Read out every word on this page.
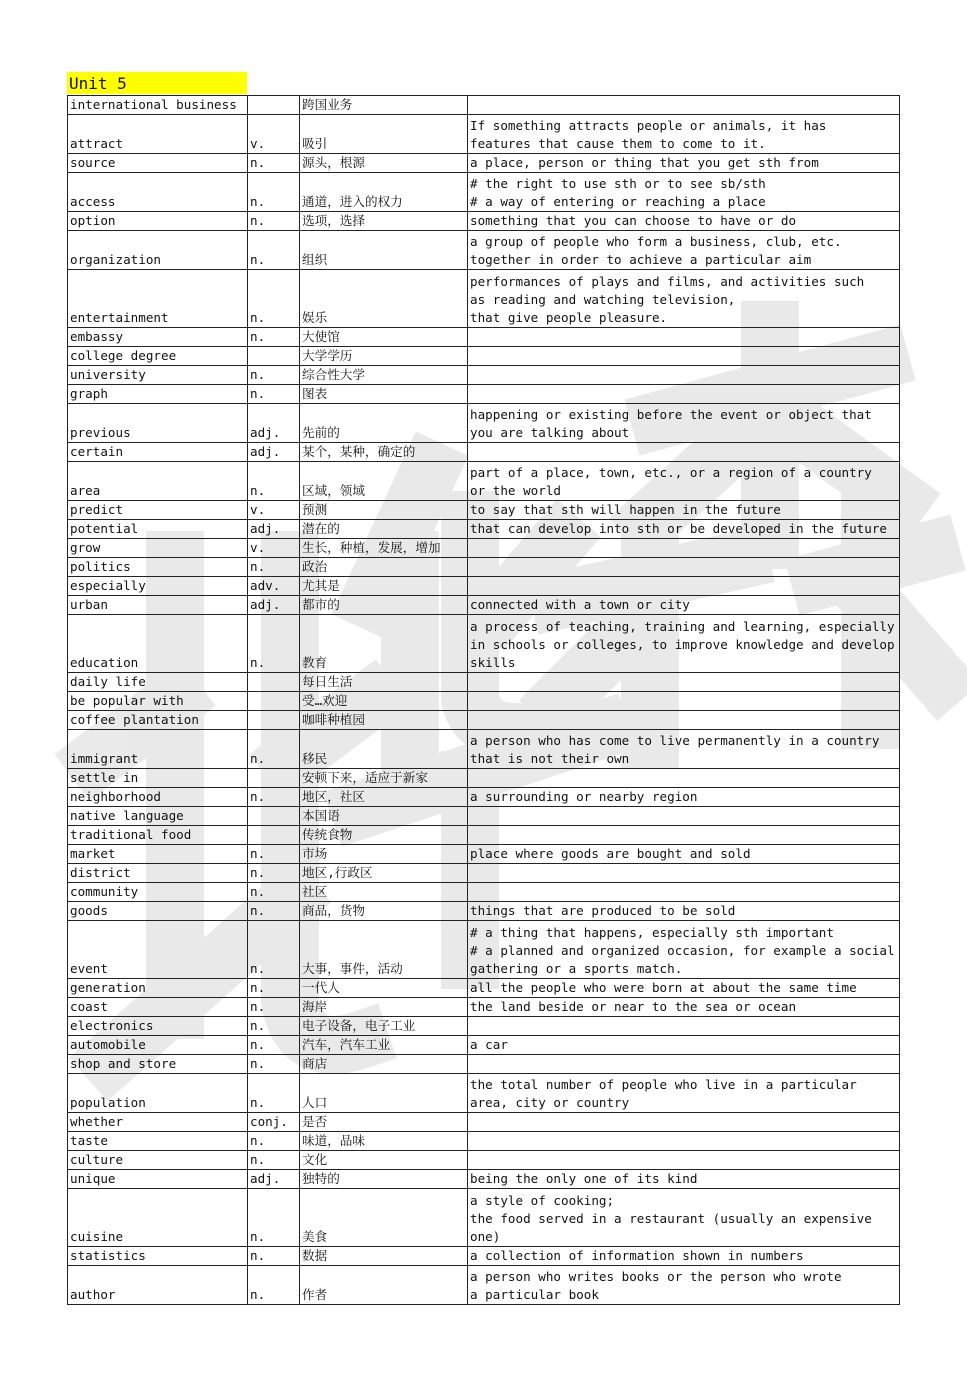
Unit 5
international business		跨国业务	
attract	v.	吸引	If something attracts people or animals, it has
features that cause them to come to it.
source	n.	源头，根源	a place, person or thing that you get sth from
access	n.	通道，进入的权力	# the right to use sth or to see sb/sth
# a way of entering or reaching a place
option	n.	选项，选择	something that you can choose to have or do
organization	n.	组织	a group of people who form a business, club, etc.
together in order to achieve a particular aim
entertainment	n.	娱乐	performances of plays and films, and activities such
as reading and watching television,
that give people pleasure.
embassy	n.	大使馆	
college degree		大学学历	
university	n.	综合性大学	
graph	n.	图表	
previous	adj.	先前的	happening or existing before the event or object that
you are talking about
certain	adj.	某个，某种，确定的	
area	n.	区域，领域	part of a place, town, etc., or a region of a country
or the world
predict	v.	预测	to say that sth will happen in the future
potential	adj.	潜在的	that can develop into sth or be developed in the future
grow	v.	生长，种植，发展，增加	
politics	n.	政治	
especially	adv.	尤其是	
urban	adj.	都市的	connected with a town or city
education	n.	教育	a process of teaching, training and learning, especially
in schools or colleges, to improve knowledge and develop
skills
daily life		每日生活	
be popular with		受…欢迎	
coffee plantation		咖啡种植园	
immigrant	n.	移民	a person who has come to live permanently in a country
that is not their own
settle in		安顿下来，适应于新家	
neighborhood	n.	地区，社区	a surrounding or nearby region
native language		本国语	
traditional food		传统食物	
market	n.	市场	place where goods are bought and sold
district	n.	地区,行政区	
community	n.	社区	
goods	n.	商品，货物	things that are produced to be sold
event	n.	大事，事件，活动	# a thing that happens, especially sth important
# a planned and organized occasion, for example a social
gathering or a sports match.
generation	n.	一代人	all the people who were born at about the same time
coast	n.	海岸	the land beside or near to the sea or ocean
electronics	n.	电子设备，电子工业	
automobile	n.	汽车，汽车工业	a car
shop and store	n.	商店	
population	n.	人口	the total number of people who live in a particular
area, city or country
whether	conj.	是否	
taste	n.	味道，品味	
culture	n.	文化	
unique	adj.	独特的	being the only one of its kind
cuisine	n.	美食	a style of cooking;
the food served in a restaurant (usually an expensive
one)
statistics	n.	数据	a collection of information shown in numbers
author	n.	作者	a person who writes books or the person who wrote
a particular book
